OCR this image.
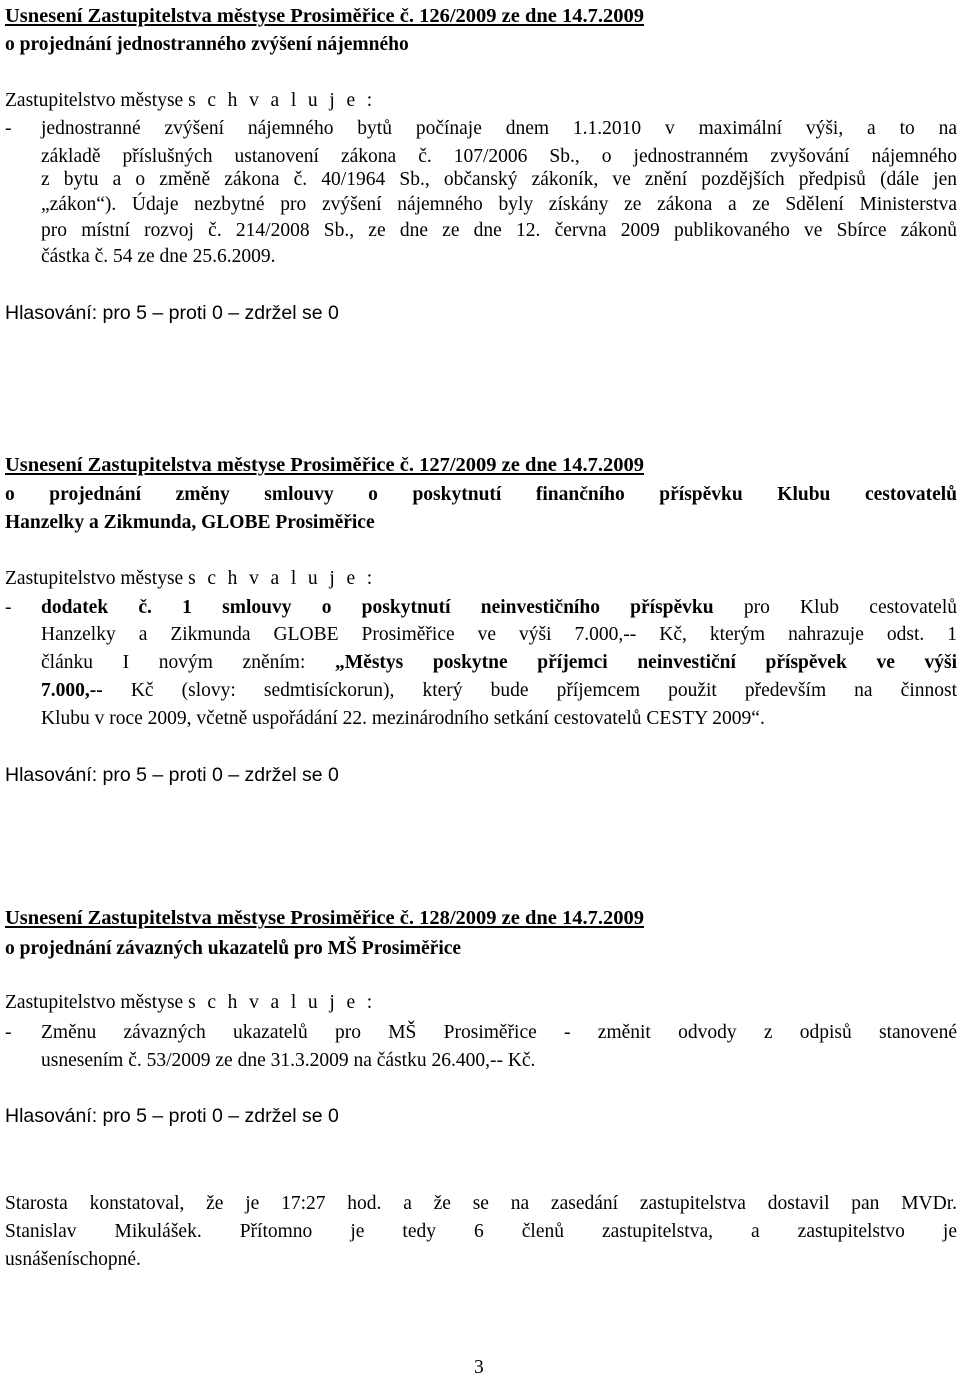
Usnesení Zastupitelstva městyse Prosiměřice č. 126/2009 ze dne 14.7.2009
o projednání jednostranného zvýšení nájemného
Zastupitelstvo městyse s c h v a l u j e :
- jednostranné zvýšení nájemného bytů počínaje dnem 1.1.2010 v maximální výši, a to na
základě příslušných ustanovení zákona č. 107/2006 Sb., o jednostranném zvyšování nájemného
z bytu a o změně zákona č. 40/1964 Sb., občanský zákoník, ve znění pozdějších předpisů (dále jen
„zákon“). Údaje nezbytné pro zvýšení nájemného byly získány ze zákona a ze Sdělení Ministerstva
pro místní rozvoj č. 214/2008 Sb., ze dne ze dne 12. června 2009 publikovaného ve Sbírce zákonů
částka č. 54 ze dne 25.6.2009.
Hlasování: pro 5 – proti 0 – zdržel se 0
Usnesení Zastupitelstva městyse Prosiměřice č. 127/2009 ze dne 14.7.2009
o projednání změny smlouvy o poskytnutí finančního příspěvku Klubu cestovatelů
Hanzelky a Zikmunda, GLOBE Prosiměřice
Zastupitelstvo městyse s c h v a l u j e :
- dodatek č. 1 smlouvy o poskytnutí neinvestičního příspěvku pro Klub cestovatelů
Hanzelky a Zikmunda GLOBE Prosiměřice ve výši 7.000,-- Kč, kterým nahrazuje odst. 1
článku I novým zněním: „Městys poskytne příjemci neinvestiční příspěvek ve výši
7.000,-- Kč (slovy: sedmtisíckorun), který bude příjemcem použit především na činnost
Klubu v roce 2009, včetně uspořádání 22. mezinárodního setkání cestovatelů CESTY 2009“.
Hlasování: pro 5 – proti 0 – zdržel se 0
Usnesení Zastupitelstva městyse Prosiměřice č. 128/2009 ze dne 14.7.2009
o projednání závazných ukazatelů pro MŠ Prosiměřice
Zastupitelstvo městyse s c h v a l u j e :
- Změnu závazných ukazatelů pro MŠ Prosiměřice - změnit odvody z odpisů stanovené
usnesením č. 53/2009 ze dne 31.3.2009 na částku 26.400,-- Kč.
Hlasování: pro 5 – proti 0 – zdržel se 0
Starosta konstatoval, že je 17:27 hod. a že se na zasedání zastupitelstva dostavil pan MVDr.
Stanislav Mikulášek. Přítomno je tedy 6 členů zastupitelstva, a zastupitelstvo je
usnášeníschopné.
3
